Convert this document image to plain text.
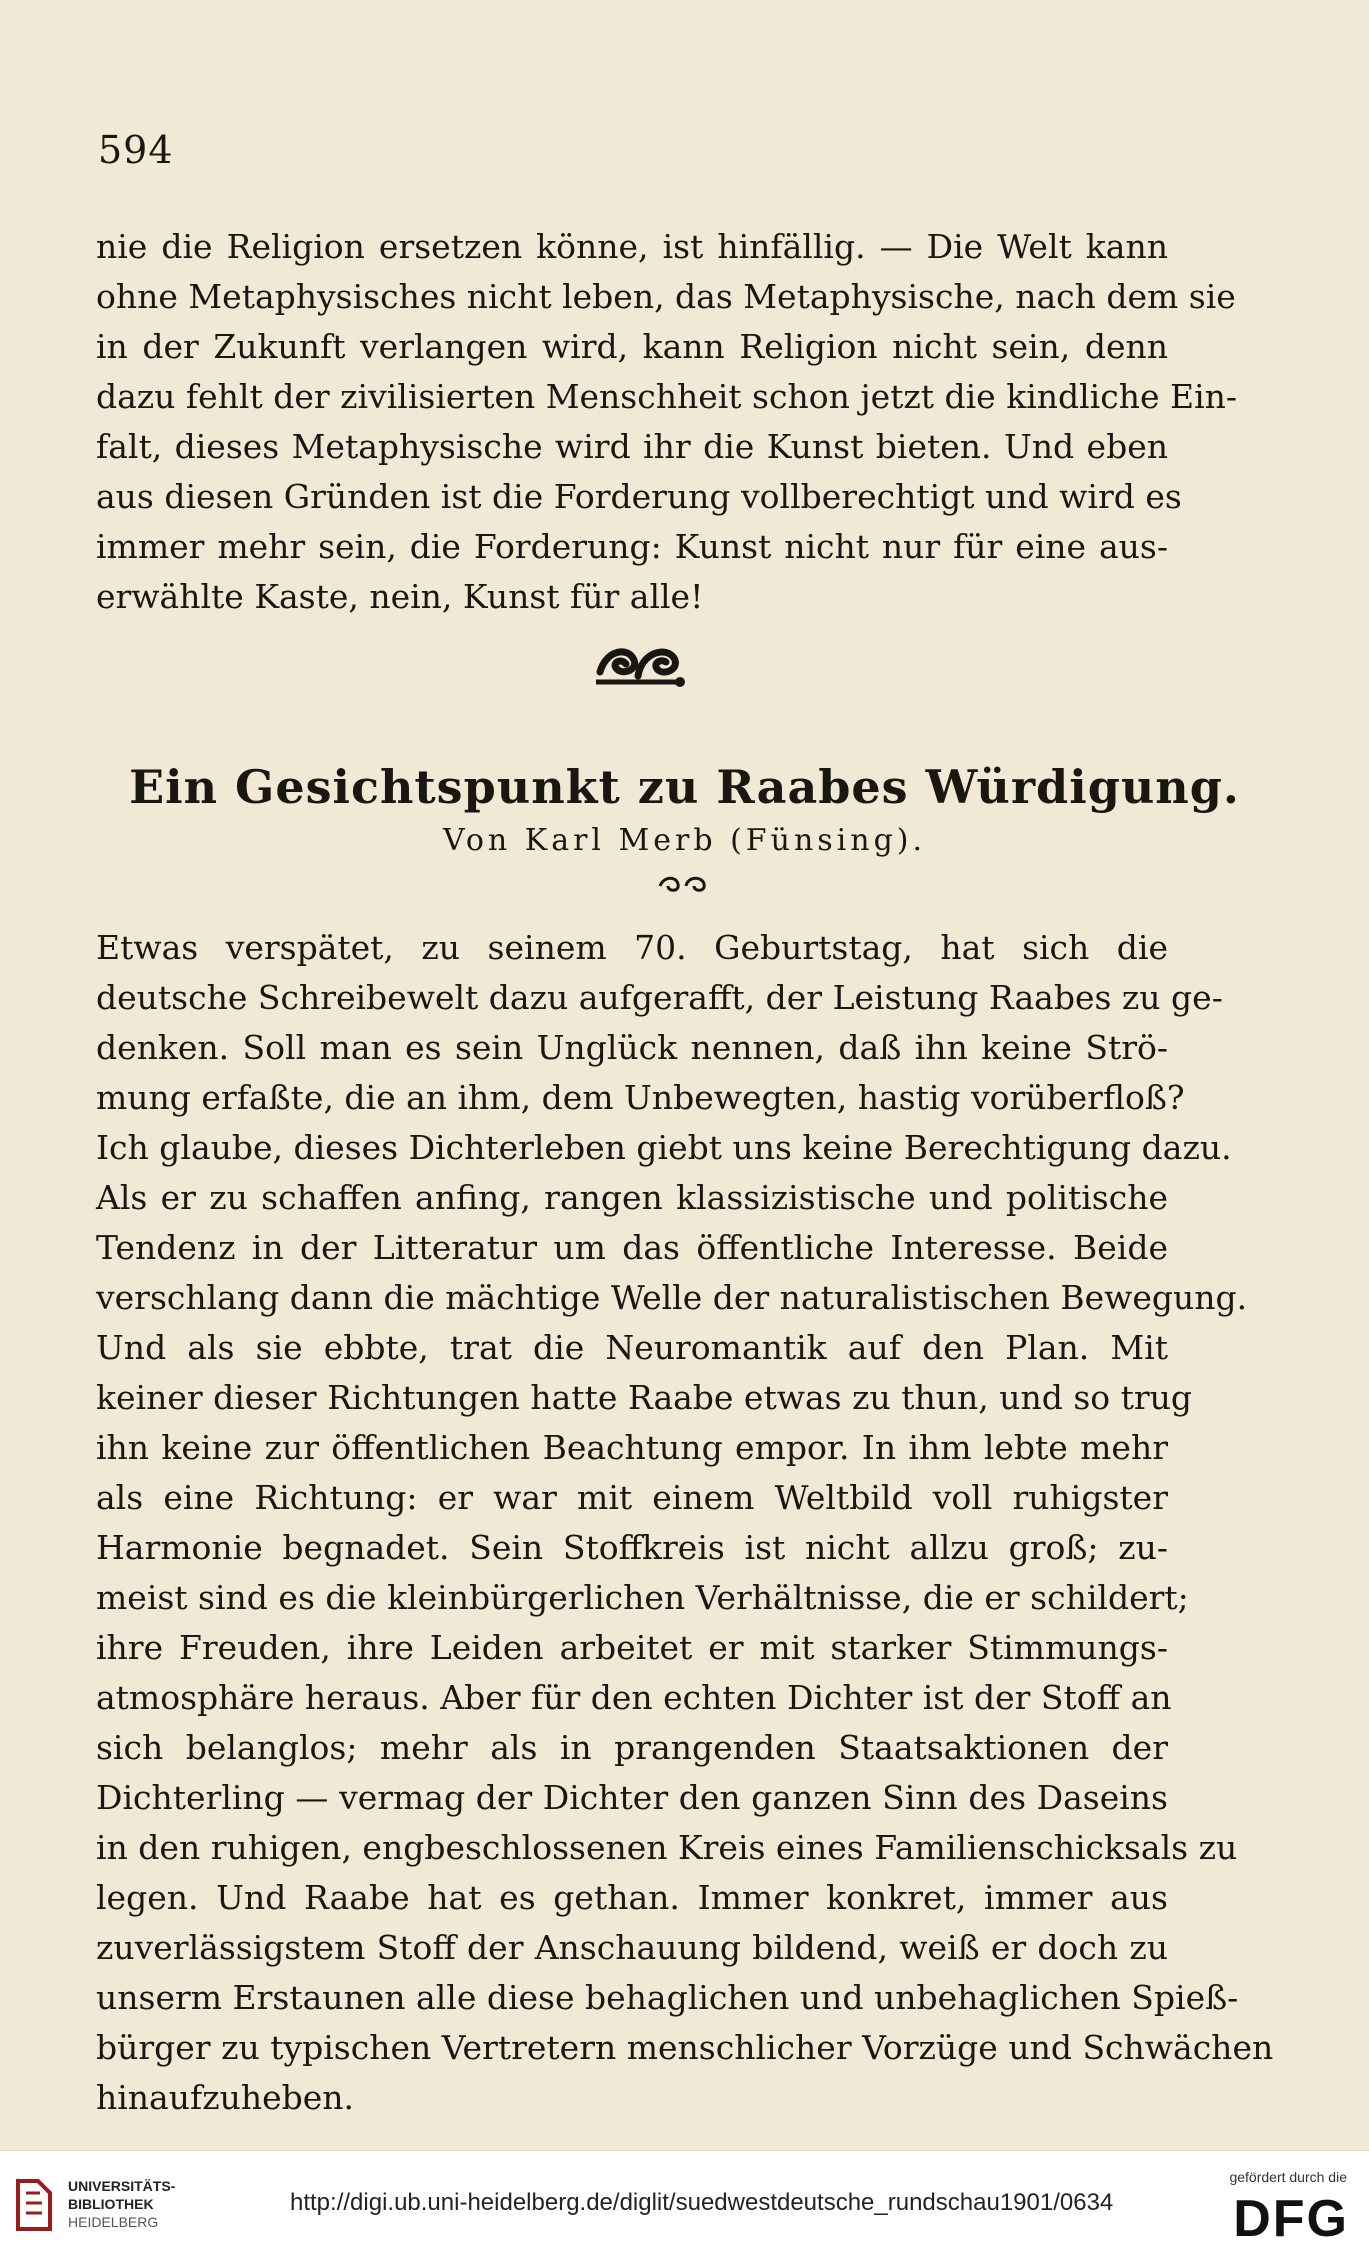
594
nie die Religion ersetzen könne, ist hinfällig. — Die Welt kann
ohne Metaphysisches nicht leben, das Metaphysische, nach dem sie
in der Zukunft verlangen wird, kann Religion nicht sein, denn
dazu fehlt der zivilisierten Menschheit schon jetzt die kindliche Ein-
falt, dieses Metaphysische wird ihr die Kunst bieten. Und eben
aus diesen Gründen ist die Forderung vollberechtigt und wird es
immer mehr sein, die Forderung: Kunst nicht nur für eine aus-
erwählte Kaste, nein, Kunst für alle!
Ein Gesichtspunkt zu Raabes Würdigung.
Von Karl Merb (Fünsing).
Etwas verspätet, zu seinem 70. Geburtstag, hat sich die
deutsche Schreibewelt dazu aufgerafft, der Leistung Raabes zu ge-
denken. Soll man es sein Unglück nennen, daß ihn keine Strö-
mung erfaßte, die an ihm, dem Unbewegten, hastig vorüberfloß?
Ich glaube, dieses Dichterleben giebt uns keine Berechtigung dazu.
Als er zu schaffen anfing, rangen klassizistische und politische
Tendenz in der Litteratur um das öffentliche Interesse. Beide
verschlang dann die mächtige Welle der naturalistischen Bewegung.
Und als sie ebbte, trat die Neuromantik auf den Plan. Mit
keiner dieser Richtungen hatte Raabe etwas zu thun, und so trug
ihn keine zur öffentlichen Beachtung empor. In ihm lebte mehr
als eine Richtung: er war mit einem Weltbild voll ruhigster
Harmonie begnadet. Sein Stoffkreis ist nicht allzu groß; zu-
meist sind es die kleinbürgerlichen Verhältnisse, die er schildert;
ihre Freuden, ihre Leiden arbeitet er mit starker Stimmungs-
atmosphäre heraus. Aber für den echten Dichter ist der Stoff an
sich belanglos; mehr als in prangenden Staatsaktionen der
Dichterling — vermag der Dichter den ganzen Sinn des Daseins
in den ruhigen, engbeschlossenen Kreis eines Familienschicksals zu
legen. Und Raabe hat es gethan. Immer konkret, immer aus
zuverlässigstem Stoff der Anschauung bildend, weiß er doch zu
unserm Erstaunen alle diese behaglichen und unbehaglichen Spieß-
bürger zu typischen Vertretern menschlicher Vorzüge und Schwächen
hinaufzuheben.
UNIVERSITÄTS-
BIBLIOTHEK
HEIDELBERG
http://digi.ub.uni-heidelberg.de/diglit/suedwestdeutsche_rundschau1901/0634
gefördert durch die
DFG
